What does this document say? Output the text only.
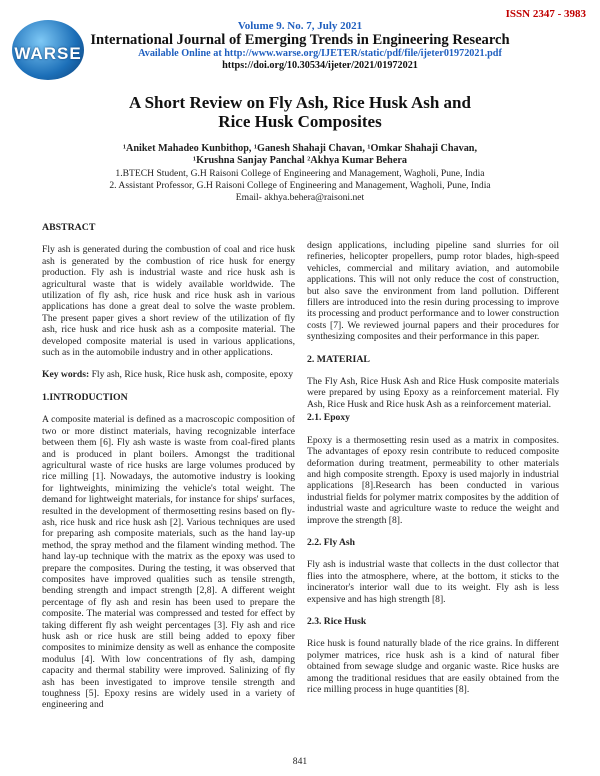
ISSN 2347 - 3983
WARSE
Volume 9. No. 7, July 2021
International Journal of Emerging Trends in Engineering Research
Available Online at http://www.warse.org/IJETER/static/pdf/file/ijeter01972021.pdf
https://doi.org/10.30534/ijeter/2021/01972021
A Short Review on Fly Ash, Rice Husk Ash and
Rice Husk Composites
¹Aniket Mahadeo Kunbithop, ¹Ganesh Shahaji Chavan, ¹Omkar Shahaji Chavan,
¹Krushna Sanjay Panchal ²Akhya Kumar Behera
1.BTECH Student, G.H Raisoni College of Engineering and Management, Wagholi, Pune, India
2. Assistant Professor, G.H Raisoni College of Engineering and Management, Wagholi, Pune, India
Email- akhya.behera@raisoni.net
ABSTRACT

Fly ash is generated during the combustion of coal and rice husk ash is generated by the combustion of rice husk for energy production. Fly ash is industrial waste and rice husk ash is agricultural waste that is widely available worldwide. The utilization of fly ash, rice husk and rice husk ash in various applications has done a great deal to solve the waste problem. The present paper gives a short review of the utilization of fly ash, rice husk and rice husk ash as a composite material. The developed composite material is used in various applications, such as in the automobile industry and in other applications.

Key words: Fly ash, Rice husk, Rice husk ash, composite, epoxy

1.INTRODUCTION

A composite material is defined as a macroscopic composition of two or more distinct materials, having recognizable interface between them [6]. Fly ash waste is waste from coal-fired plants and is produced in plant boilers. Amongst the traditional agricultural waste of rice husks are large volumes produced by rice milling [1]. Nowadays, the automotive industry is looking for lightweights, minimizing the vehicle's total weight. The demand for lightweight materials, for instance for ships' surfaces, resulted in the development of thermosetting resins based on fly-ash, rice husk and rice husk ash [2]. Various techniques are used for preparing ash composite materials, such as the hand lay-up method, the spray method and the filament winding method. The hand lay-up technique with the matrix as the epoxy was used to prepare the composites. During the testing, it was observed that composites have improved qualities such as tensile strength, bending strength and impact strength [2,8]. A different weight percentage of fly ash and resin has been used to prepare the composite. The material was compressed and tested for effect by taking different fly ash weight percentages [3]. Fly ash and rice husk ash or rice husk are still being added to epoxy fiber composites to minimize density as well as enhance the composite modulus [4]. With low concentrations of fly ash, damping capacity and thermal stability were improved. Salinizing of fly ash has been investigated to improve tensile strength and toughness [5]. Epoxy resins are widely used in a variety of engineering and

design applications, including pipeline sand slurries for oil refineries, helicopter propellers, pump rotor blades, high-speed vehicles, commercial and military aviation, and automobile applications. This will not only reduce the cost of construction, but also save the environment from land pollution. Different fillers are introduced into the resin during processing to improve its processing and product performance and to lower construction costs [7]. We reviewed journal papers and their procedures for synthesizing composites and their performance in this paper.

2. MATERIAL

The Fly Ash, Rice Husk Ash and Rice Husk composite materials were prepared by using Epoxy as a reinforcement material. Fly Ash, Rice Husk and Rice husk Ash as a reinforcement material.

2.1. Epoxy

Epoxy is a thermosetting resin used as a matrix in composites. The advantages of epoxy resin contribute to reduced composite deformation during treatment, permeability to other materials and high composite strength. Epoxy is used majorly in industrial applications [8].Research has been conducted in various industrial fields for polymer matrix composites by the addition of industrial waste and agriculture waste to reduce the weight and improve the strength [8].

2.2. Fly Ash

Fly ash is industrial waste that collects in the dust collector that flies into the atmosphere, where, at the bottom, it sticks to the incinerator's interior wall due to its weight. Fly ash is less expensive and has high strength [8].

2.3. Rice Husk

Rice husk is found naturally blade of the rice grains. In different polymer matrices, rice husk ash is a kind of natural fiber obtained from sewage sludge and organic waste. Rice husks are among the traditional residues that are easily obtained from the rice milling process in huge quantities [8].

841
